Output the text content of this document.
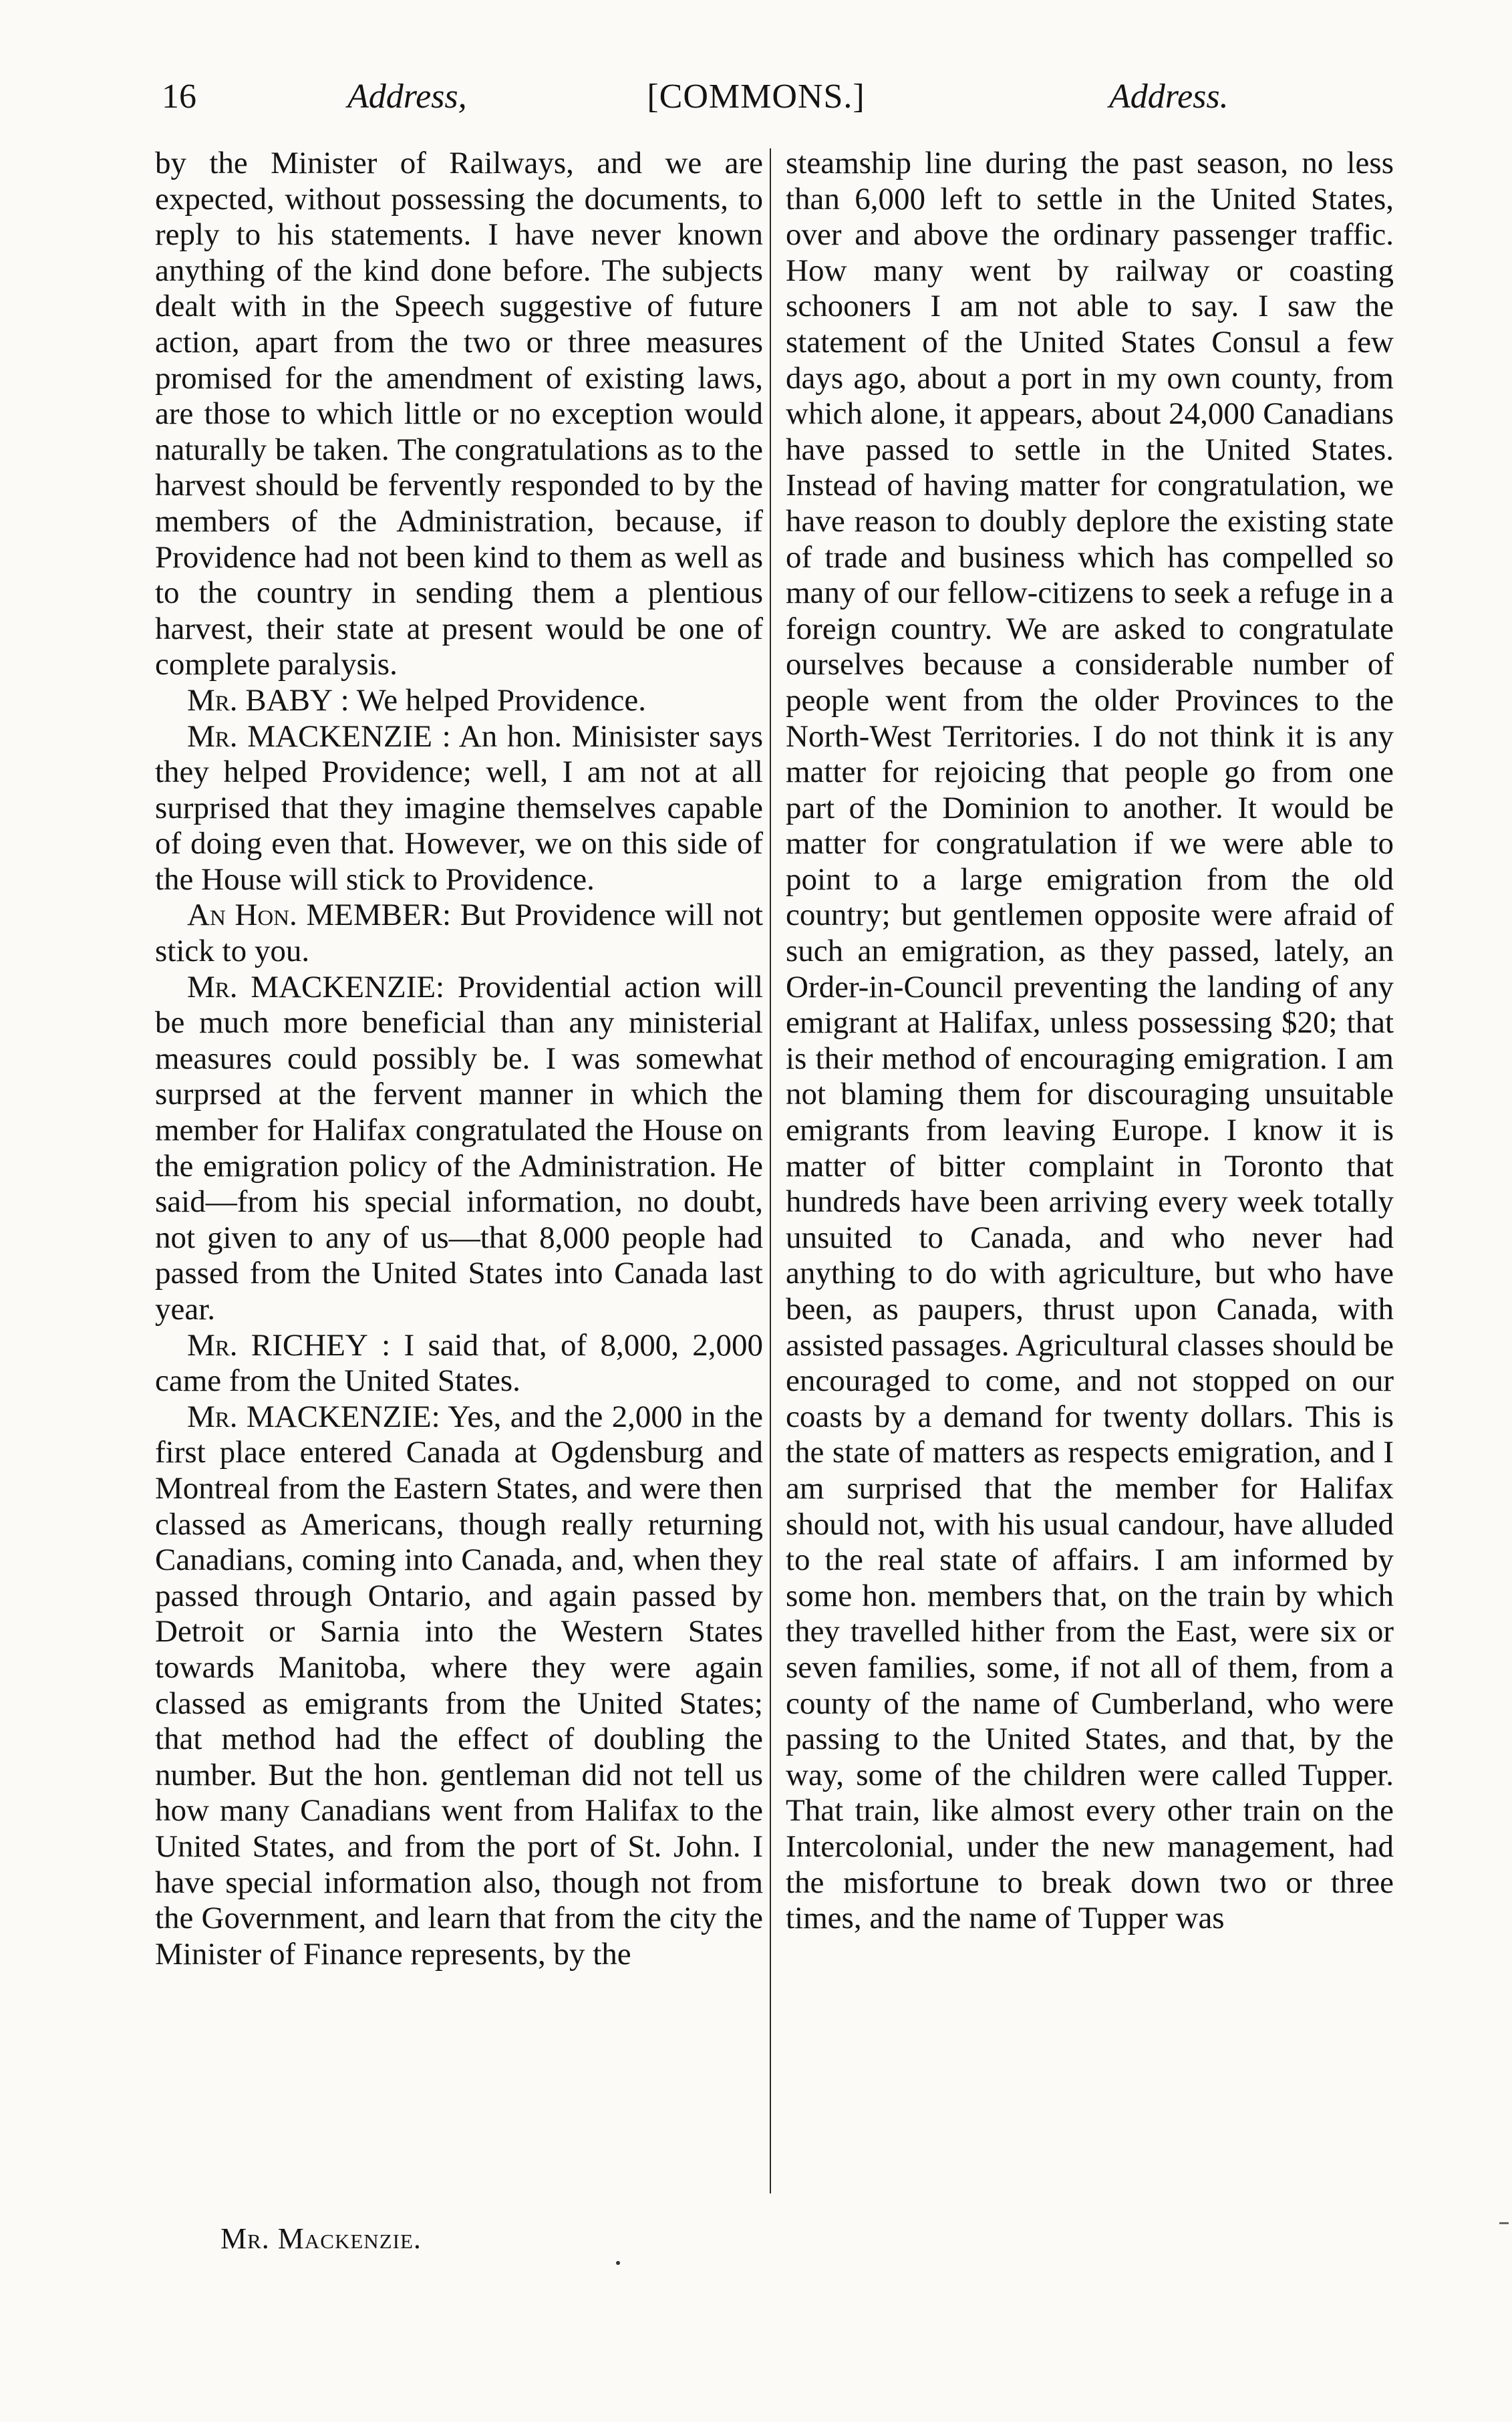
16	Address,	[COMMONS.]	Address.

by the Minister of Railways, and we are expected, without possessing the documents, to reply to his statements. I have never known anything of the kind done before. The subjects dealt with in the Speech suggestive of future action, apart from the two or three measures promised for the amendment of existing laws, are those to which little or no exception would naturally be taken. The congratulations as to the harvest should be fervently responded to by the members of the Administration, because, if Providence had not been kind to them as well as to the country in sending them a plentious harvest, their state at present would be one of complete paralysis.

Mr. BABY : We helped Providence.

Mr. MACKENZIE : An hon. Minisister says they helped Providence; well, I am not at all surprised that they imagine themselves capable of doing even that. However, we on this side of the House will stick to Providence.

An Hon. MEMBER: But Providence will not stick to you.

Mr. MACKENZIE: Providential action will be much more beneficial than any ministerial measures could possibly be. I was somewhat surprsed at the fervent manner in which the member for Halifax congratulated the House on the emigration policy of the Administration. He said—from his special information, no doubt, not given to any of us—that 8,000 people had passed from the United States into Canada last year.

Mr. RICHEY : I said that, of 8,000, 2,000 came from the United States.

Mr. MACKENZIE: Yes, and the 2,000 in the first place entered Canada at Ogdensburg and Montreal from the Eastern States, and were then classed as Americans, though really returning Canadians, coming into Canada, and, when they passed through Ontario, and again passed by Detroit or Sarnia into the Western States towards Manitoba, where they were again classed as emigrants from the United States; that method had the effect of doubling the number. But the hon. gentleman did not tell us how many Canadians went from Halifax to the United States, and from the port of St. John. I have special information also, though not from the Government, and learn that from the city the Minister of Finance represents, by the

steamship line during the past season, no less than 6,000 left to settle in the United States, over and above the ordinary passenger traffic. How many went by railway or coasting schooners I am not able to say. I saw the statement of the United States Consul a few days ago, about a port in my own county, from which alone, it appears, about 24,000 Canadians have passed to settle in the United States. Instead of having matter for congratulation, we have reason to doubly deplore the existing state of trade and business which has compelled so many of our fellow-citizens to seek a refuge in a foreign country. We are asked to congratulate ourselves because a considerable number of people went from the older Provinces to the North-West Territories. I do not think it is any matter for rejoicing that people go from one part of the Dominion to another. It would be matter for congratulation if we were able to point to a large emigration from the old country; but gentlemen opposite were afraid of such an emigration, as they passed, lately, an Order-in-Council preventing the landing of any emigrant at Halifax, unless possessing $20; that is their method of encouraging emigration. I am not blaming them for discouraging unsuitable emigrants from leaving Europe. I know it is matter of bitter complaint in Toronto that hundreds have been arriving every week totally unsuited to Canada, and who never had anything to do with agriculture, but who have been, as paupers, thrust upon Canada, with assisted passages. Agricultural classes should be encouraged to come, and not stopped on our coasts by a demand for twenty dollars. This is the state of matters as respects emigration, and I am surprised that the member for Halifax should not, with his usual candour, have alluded to the real state of affairs. I am informed by some hon. members that, on the train by which they travelled hither from the East, were six or seven families, some, if not all of them, from a county of the name of Cumberland, who were passing to the United States, and that, by the way, some of the children were called Tupper. That train, like almost every other train on the Intercolonial, under the new management, had the misfortune to break down two or three times, and the name of Tupper was

Mr. Mackenzie.
